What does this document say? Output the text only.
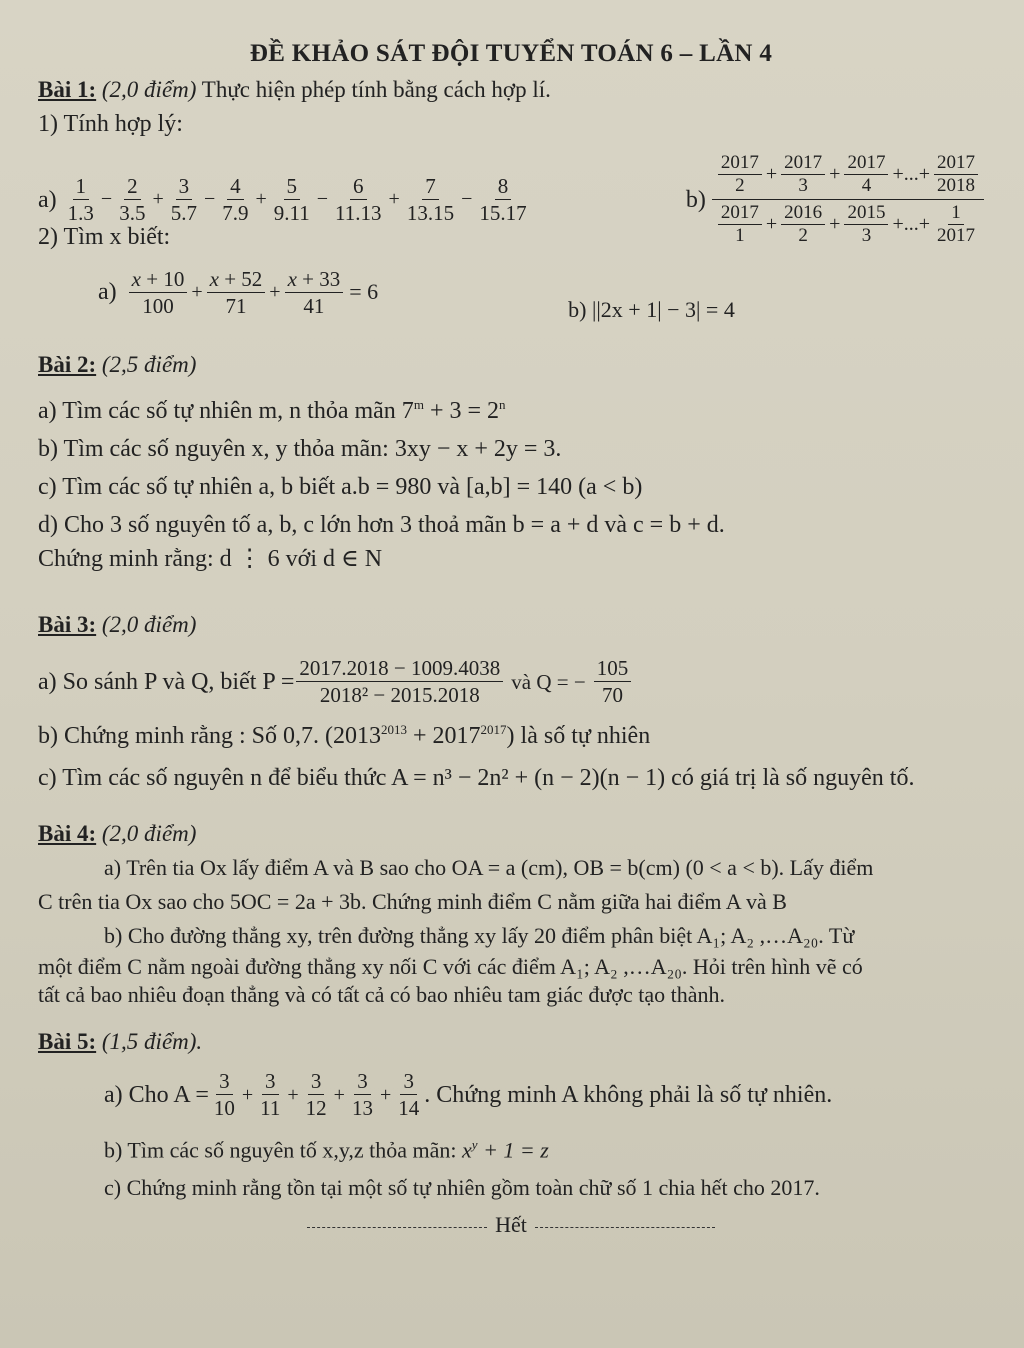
ĐỀ KHẢO SÁT ĐỘI TUYỂN TOÁN 6 – LẦN 4
Bài 1: (2,0 điểm) Thực hiện phép tính bằng cách hợp lí.
1) Tính hợp lý:
$a) \frac{1}{1.3} - \frac{2}{3.5} + \frac{3}{5.7} - \frac{4}{7.9} + \frac{5}{9.11} - \frac{6}{11.13} + \frac{7}{13.15} - \frac{8}{15.17}$	b)
$\frac{2017}{2} + \frac{2017}{3} + \frac{2017}{4}$ +...+ $\frac{2017}{2018}$
$\frac{2017}{1} + \frac{2016}{2} + \frac{2015}{3}$ +...+ $\frac{1}{2017}$
2) Tìm x biết:
$a) \frac{x + 10}{100} + \frac{x + 52}{71} + \frac{x + 33}{41} = 6$
b) ||2x + 1| − 3| = 4
Bài 2: (2,5 điểm)
a) Tìm các số tự nhiên m, n thỏa mãn $7^m + 3 = 2^n$
b) Tìm các số nguyên x, y thỏa mãn: 3xy − x + 2y = 3.
c) Tìm các số tự nhiên a, b biết a.b = 980 và [a,b] = 140 (a < b)
d) Cho 3 số nguyên tố a, b, c lớn hơn 3 thoả mãn b = a + d và c = b + d.
Chứng minh rằng: d ⋮ 6 với d ∈ N
Bài 3: (2,0 điểm)
a) So sánh P và Q, biết $P = \frac{2017.2018 - 1009.4038}{\text{2018² − 2015.2018}}$ và Q = − $\frac{105}{70}$
b) Chứng minh rằng : Số 0,7. $(2013^{2013} + 2017^{2017})$ là số tự nhiên
c) Tìm các số nguyên n để biểu thức A = n³ − 2n² + (n − 2)(n − 1) có giá trị là số nguyên tố.
Bài 4: (2,0 điểm)
a) Trên tia Ox lấy điểm A và B sao cho OA = a (cm), OB = b(cm) (0 < a < b). Lấy điểm
C trên tia Ox sao cho 5OC = 2a + 3b. Chứng minh điểm C nằm giữa hai điểm A và B
b) Cho đường thẳng xy, trên đường thẳng xy lấy 20 điểm phân biệt A₁; A₂ ,…A₂₀. Từ
một điểm C nằm ngoài đường thẳng xy nối C với các điểm A₁; A₂ ,…A₂₀. Hỏi trên hình vẽ có
tất cả bao nhiêu đoạn thẳng và có tất cả có bao nhiêu tam giác được tạo thành.
Bài 5: (1,5 điểm).
a) Cho $A = \frac{3}{10} + \frac{3}{11} + \frac{3}{12} + \frac{3}{13} + \frac{3}{14}$ . Chứng minh A không phải là số tự nhiên.
b) Tìm các số nguyên tố x,y,z thỏa mãn: $x^y + 1 = z$
c) Chứng minh rằng tồn tại một số tự nhiên gồm toàn chữ số 1 chia hết cho 2017.
Hết
